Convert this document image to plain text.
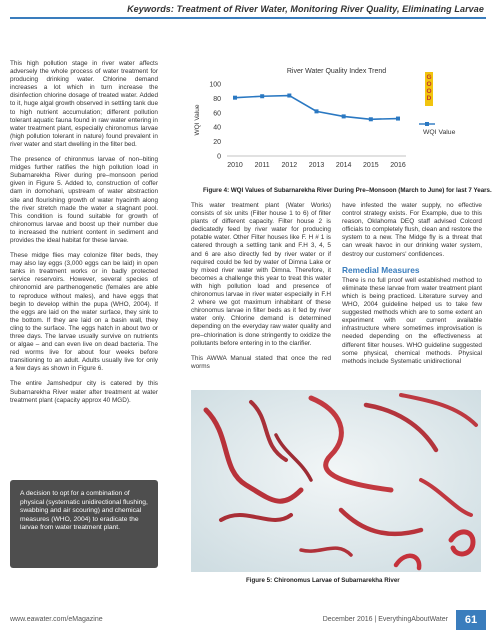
Keywords: Treatment of River Water, Monitoring River Quality, Eliminating Larvae

This high pollution stage in river water affects adversely the whole process of water treatment for producing drinking water. Chlorine demand increases a lot which in turn increase the disinfection chlorine dosage of treated water. Added to it, huge algal growth observed in settling tank due to high nutrient accumulation; different pollution tolerant aquatic fauna found in raw water entering in water treatment plant, especially chironomus larvae (high pollution tolerant in nature) found prevalent in river water and start dwelling in the filter bed.

The presence of chironmus larvae of non–biting midges further ratifies the high pollution load in Subarnarekha River during pre–monsoon period given in Figure 5. Added to, construction of coffer dam in domohani, upstream of water abstraction site and flourishing growth of water hyacinth along the river stretch made the water a stagnant pool. This condition is found suitable for growth of chironomus larvae and boost up their number due to increased the nutrient content in sediment and provides the ideal habitat for these larvae.

These midge flies may colonize filter beds, they may also lay eggs (3,000 eggs can be laid) in open tanks in treatment works or in badly protected service reservoirs. However, several species of chironomid are parthenogenetic (females are able to reproduce without males), and have eggs that begin to develop within the pupa (WHO, 2004). If the eggs are laid on the water surface, they sink to the bottom. If they are laid on a basin wall, they cling to the surface. The eggs hatch in about two or three days. The larvae usually survive on nutrients or algae – and can even live on dead bacteria. The red worms live for about four weeks before transitioning to an adult. Adults usually live for only a few days as shown in Figure 6.

The entire Jamshedpur city is catered by this Subarnarekha River water after treatment at water treatment plant (capacity approx 40 MGD).

A decision to opt for a combination of physical (systematic unidirectional flushing, swabbing and air scouring) and chemical measures (WHO, 2004) to eradicate the larvae from water treatment plant.
River Water Quality Index Trend
WQI Value
0
20
40
60
80
100
2010 2011 2012 2013 2014 2015 2016
WQI Value
G
O
O
D
Figure 4: WQI Values of Subarnarekha River During Pre–Monsoon (March to June) for last 7 Years.

This water treatment plant (Water Works) consists of six units (Filter house 1 to 6) of filter plants of different capacity. Filter house 2 is dedicatedly feed by river water for producing potable water. Other Filter houses like F. H # 1 is catered through a settling tank and F.H 3, 4, 5 and 6 are also directly fed by river water or if required could be fed by water of Dimna Lake or by mixed river water with Dimna. Therefore, it becomes a challenge this year to treat this water with high pollution load and presence of chironomus larvae in river water especially in F.H 2 where we got maximum inhabitant of these chironomus larvae in filter beds as it fed by river water only. Chlorine demand is determined depending on the everyday raw water quality and pre–chlorination is done stringently to oxidize the pollutants before entering in to the clarifier.

This AWWA Manual stated that once the red worms

have infested the water supply, no effective control strategy exists. For Example, due to this reason, Oklahoma DEQ staff advised Colcord officials to completely flush, clean and restore the system to a new. The Midge fly is a threat that can wreak havoc in our drinking water system, destroy our customers' confidences.

Remedial Measures

There is no full proof well established method to eliminate these larvae from water treatment plant which is being practiced. Literature survey and WHO, 2004 guideline helped us to take few suggested methods which are to some extent an experiment with our current available infrastructure where sometimes improvisation is needed depending on the effectiveness at different filter houses. WHO guideline suggested some physical, chemical methods. Physical methods include Systematic unidirectional

Figure 5: Chironomus Larvae of Subarnarekha River
www.eawater.com/eMagazine	December 2016 | EverythingAboutWater	61
